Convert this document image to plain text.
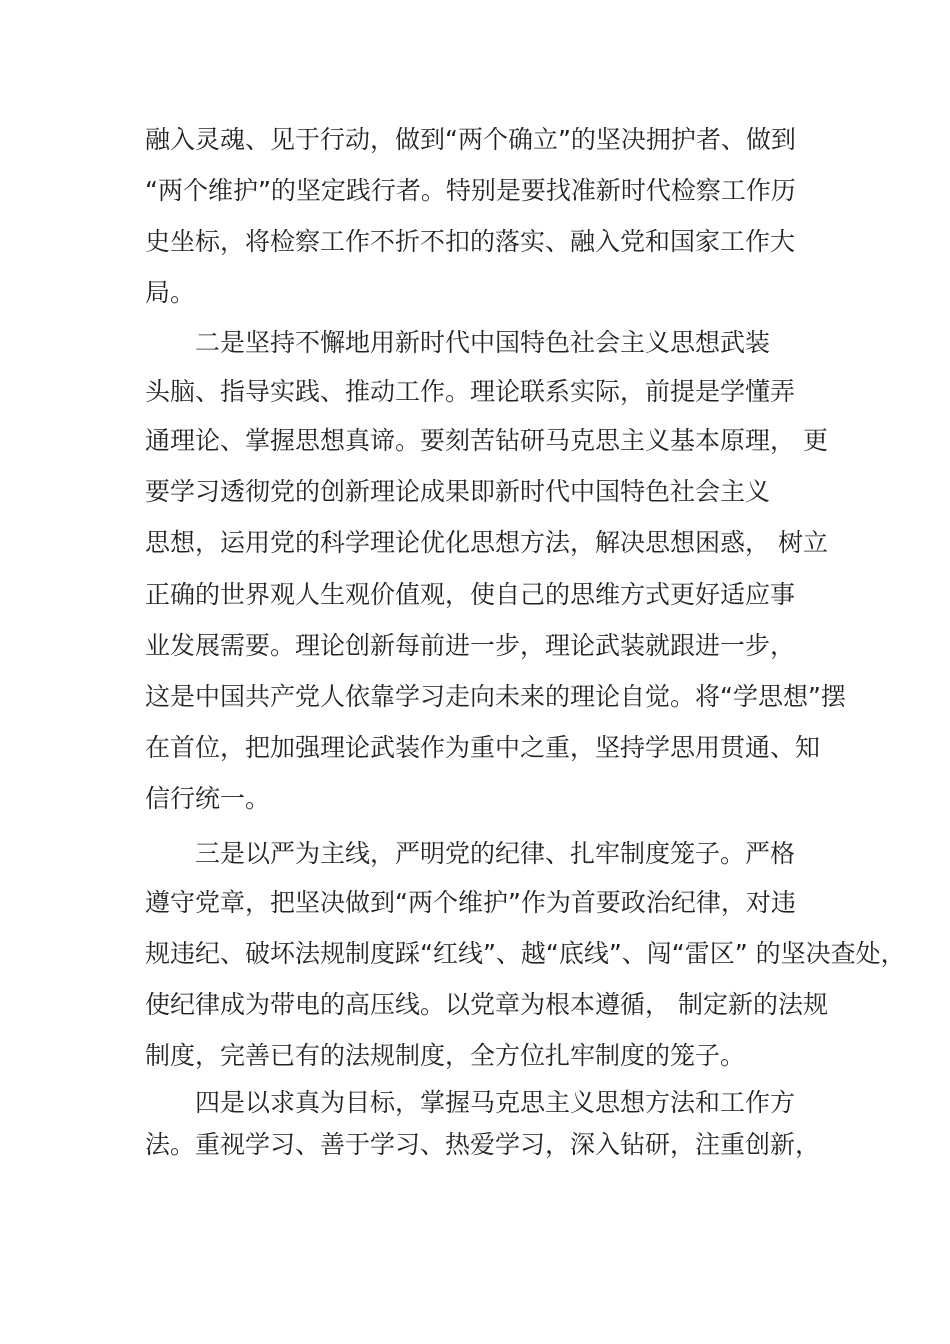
融入灵魂、见于行动，做到“两个确立”的坚决拥护者、做到
“两个维护”的坚定践行者。特别是要找准新时代检察工作历
史坐标，将检察工作不折不扣的落实、融入党和国家工作大
局。
二是坚持不懈地用新时代中国特色社会主义思想武装
头脑、指导实践、推动工作。理论联系实际，前提是学懂弄
通理论、掌握思想真谛。要刻苦钻研马克思主义基本原理， 更
要学习透彻党的创新理论成果即新时代中国特色社会主义
思想，运用党的科学理论优化思想方法，解决思想困惑， 树立
正确的世界观人生观价值观，使自己的思维方式更好适应事
业发展需要。理论创新每前进一步，理论武装就跟进一步，
这是中国共产党人依靠学习走向未来的理论自觉。将“学思想”摆
在首位，把加强理论武装作为重中之重，坚持学思用贯通、知
信行统一。
三是以严为主线，严明党的纪律、扎牢制度笼子。严格
遵守党章，把坚决做到“两个维护”作为首要政治纪律，对违
规违纪、破坏法规制度踩“红线”、越“底线”、闯“雷区” 的坚决查处，
使纪律成为带电的高压线。以党章为根本遵循， 制定新的法规
制度，完善已有的法规制度，全方位扎牢制度的笼子。
四是以求真为目标，掌握马克思主义思想方法和工作方
法。重视学习、善于学习、热爱学习，深入钻研，注重创新，
